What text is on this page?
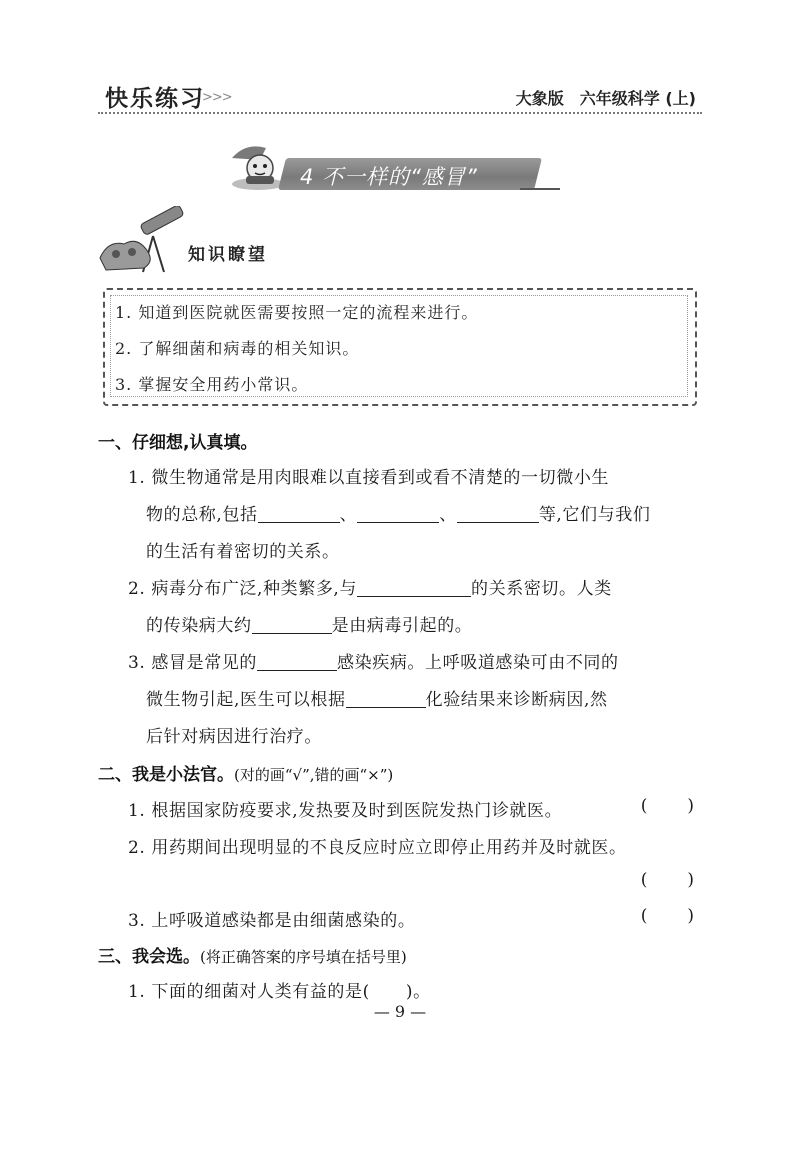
快乐练习
>>>	大象版 六年级科学 (上)
4 不一样的“感冒”
知识瞭望
1. 知道到医院就医需要按照一定的流程来进行。
2. 了解细菌和病毒的相关知识。
3. 掌握安全用药小常识。
一、仔细想,认真填。
1. 微生物通常是用肉眼难以直接看到或看不清楚的一切微小生
物的总称,包括	、	、	等,它们与我们
的生活有着密切的关系。
2. 病毒分布广泛,种类繁多,与	的关系密切。人类
的传染病大约	是由病毒引起的。
3. 感冒是常见的	感染疾病。上呼吸道感染可由不同的
微生物引起,医生可以根据	化验结果来诊断病因,然
后针对病因进行治疗。
二、我是小法官。(对的画“√”,错的画“×”)
1. 根据国家防疫要求,发热要及时到医院发热门诊就医。	( )
2. 用药期间出现明显的不良反应时应立即停止用药并及时就医。
( )
3. 上呼吸道感染都是由细菌感染的。	( )
三、我会选。(将正确答案的序号填在括号里)
1. 下面的细菌对人类有益的是( )。
— 9 —
